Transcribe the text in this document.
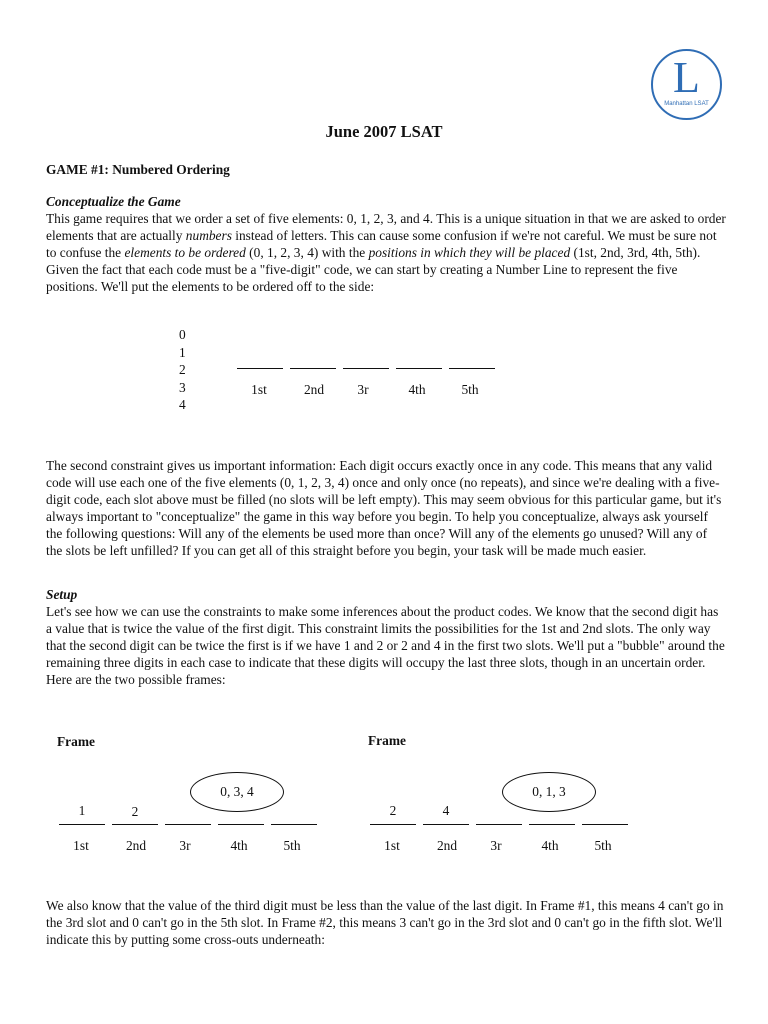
L
Manhattan LSAT
June 2007 LSAT
GAME #1: Numbered Ordering
Conceptualize the Game

This game requires that we order a set of five elements: 0, 1, 2, 3, and 4. This is a unique situation in that we are asked to order elements that are actually numbers instead of letters. This can cause some confusion if we're not careful. We must be sure not to confuse the elements to be ordered (0, 1, 2, 3, 4) with the positions in which they will be placed (1st, 2nd, 3rd, 4th, 5th). Given the fact that each code must be a "five-digit" code, we can start by creating a Number Line to represent the five positions. We'll put the elements to be ordered off to the side:

0
1
2
3
4
1st	2nd	3r	4th	5th

The second constraint gives us important information: Each digit occurs exactly once in any code. This means that any valid code will use each one of the five elements (0, 1, 2, 3, 4) once and only once (no repeats), and since we're dealing with a five-digit code, each slot above must be filled (no slots will be left empty). This may seem obvious for this particular game, but it's always important to "conceptualize" the game in this way before you begin. To help you conceptualize, always ask yourself the following questions: Will any of the elements be used more than once? Will any of the elements go unused? Will any of the slots be left unfilled? If you can get all of this straight before you begin, your task will be made much easier.

Setup

Let's see how we can use the constraints to make some inferences about the product codes. We know that the second digit has a value that is twice the value of the first digit. This constraint limits the possibilities for the 1st and 2nd slots. The only way that the second digit can be twice the first is if we have 1 and 2 or 2 and 4 in the first two slots. We'll put a "bubble" around the remaining three digits in each case to indicate that these digits will occupy the last three slots, though in an uncertain order. Here are the two possible frames:

Frame
0, 3, 4
1	2
1st	2nd	3r	4th	5th
Frame
0, 1, 3
2	4
1st	2nd	3r	4th	5th

We also know that the value of the third digit must be less than the value of the last digit. In Frame #1, this means 4 can't go in the 3rd slot and 0 can't go in the 5th slot. In Frame #2, this means 3 can't go in the 3rd slot and 0 can't go in the fifth slot. We'll indicate this by putting some cross-outs underneath:
